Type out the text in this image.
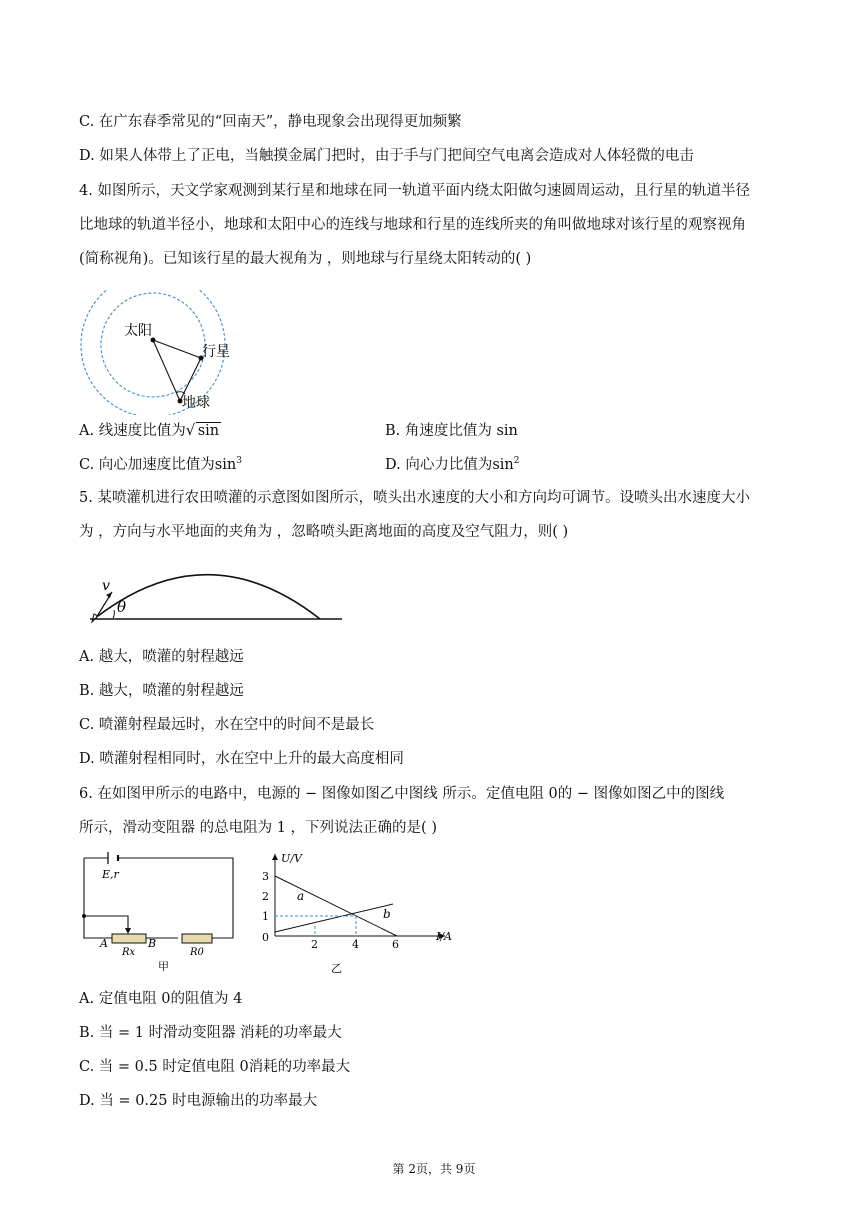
C. 在广东春季常见的“回南天”，静电现象会出现得更加频繁
D. 如果人体带上了正电，当触摸金属门把时，由于手与门把间空气电离会造成对人体轻微的电击
4. 如图所示，天文学家观测到某行星和地球在同一轨道平面内绕太阳做匀速圆周运动，且行星的轨道半径
比地球的轨道半径小，地球和太阳中心的连线与地球和行星的连线所夹的角叫做地球对该行星的观察视角
(简称视角)。已知该行星的最大视角为 ，则地球与行星绕太阳转动的( )
太阳
行星
地球
A. 线速度比值为√ sin	B. 角速度比值为 sin
C. 向心加速度比值为$\sin^3$	D. 向心力比值为$\sin^2$
5. 某喷灌机进行农田喷灌的示意图如图所示，喷头出水速度的大小和方向均可调节。设喷头出水速度大小
为 ，方向与水平地面的夹角为 ，忽略喷头距离地面的高度及空气阻力，则( )
v
θ
A. 越大，喷灌的射程越远
B. 越大，喷灌的射程越远
C. 喷灌射程最远时，水在空中的时间不是最长
D. 喷灌射程相同时，水在空中上升的最大高度相同
6. 在如图甲所示的电路中，电源的 − 图像如图乙中图线 所示。定值电阻 0的 − 图像如图乙中的图线
所示，滑动变阻器 的总电阻为 1 ，下列说法正确的是( )
E,r
A	B
Rx	R0
甲
U/V
I/A
3
2
1
0
2	4	6
a
b
乙
A. 定值电阻 0的阻值为 4
B. 当 = 1 时滑动变阻器 消耗的功率最大
C. 当 = 0.5 时定值电阻 0消耗的功率最大
D. 当 = 0.25 时电源输出的功率最大
第 2页，共 9页
